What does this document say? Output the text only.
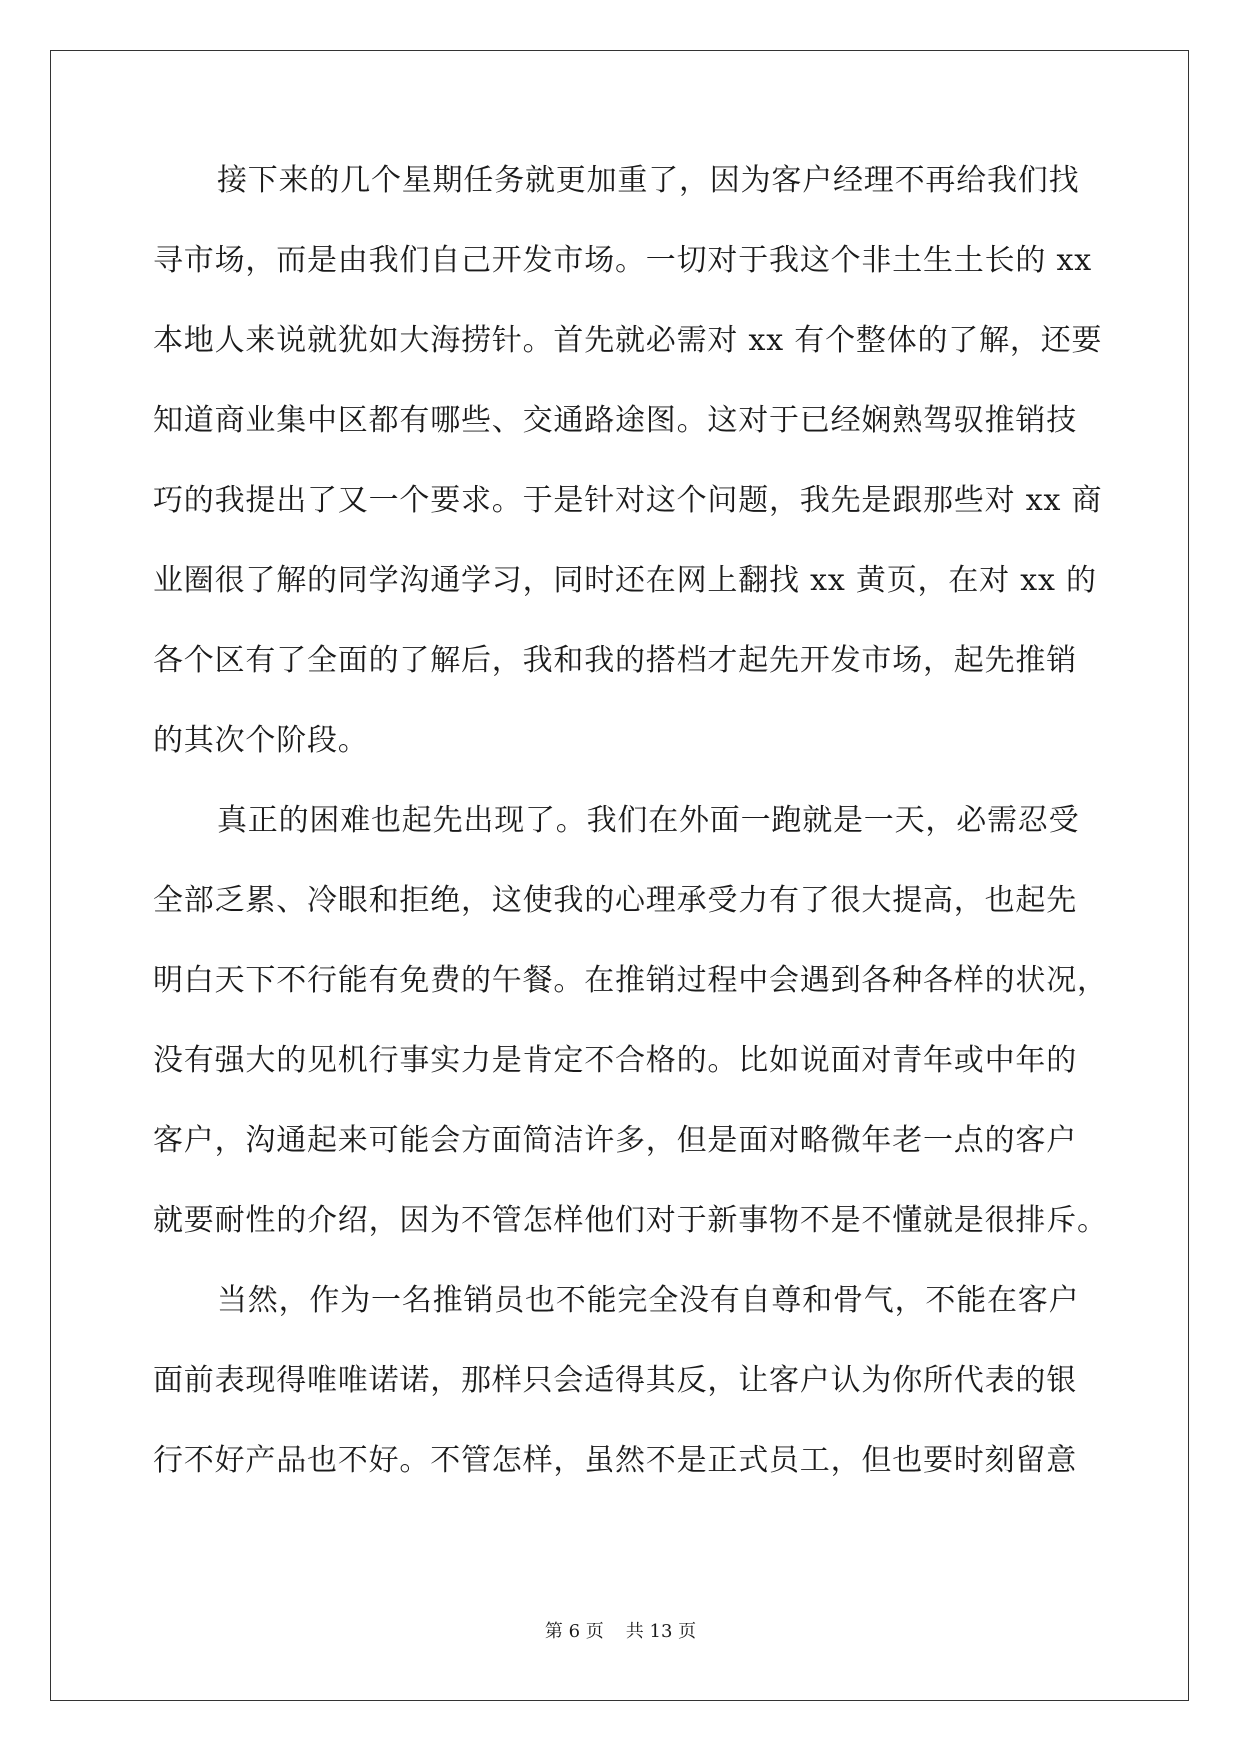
接下来的几个星期任务就更加重了，因为客户经理不再给我们找
寻市场，而是由我们自己开发市场。一切对于我这个非土生土长的 xx
本地人来说就犹如大海捞针。首先就必需对 xx 有个整体的了解，还要
知道商业集中区都有哪些、交通路途图。这对于已经娴熟驾驭推销技
巧的我提出了又一个要求。于是针对这个问题，我先是跟那些对 xx 商
业圈很了解的同学沟通学习，同时还在网上翻找 xx 黄页，在对 xx 的
各个区有了全面的了解后，我和我的搭档才起先开发市场，起先推销
的其次个阶段。
真正的困难也起先出现了。我们在外面一跑就是一天，必需忍受
全部乏累、冷眼和拒绝，这使我的心理承受力有了很大提高，也起先
明白天下不行能有免费的午餐。在推销过程中会遇到各种各样的状况，
没有强大的见机行事实力是肯定不合格的。比如说面对青年或中年的
客户，沟通起来可能会方面简洁许多，但是面对略微年老一点的客户
就要耐性的介绍，因为不管怎样他们对于新事物不是不懂就是很排斥。
当然，作为一名推销员也不能完全没有自尊和骨气，不能在客户
面前表现得唯唯诺诺，那样只会适得其反，让客户认为你所代表的银
行不好产品也不好。不管怎样，虽然不是正式员工，但也要时刻留意
第 6 页 共 13 页
